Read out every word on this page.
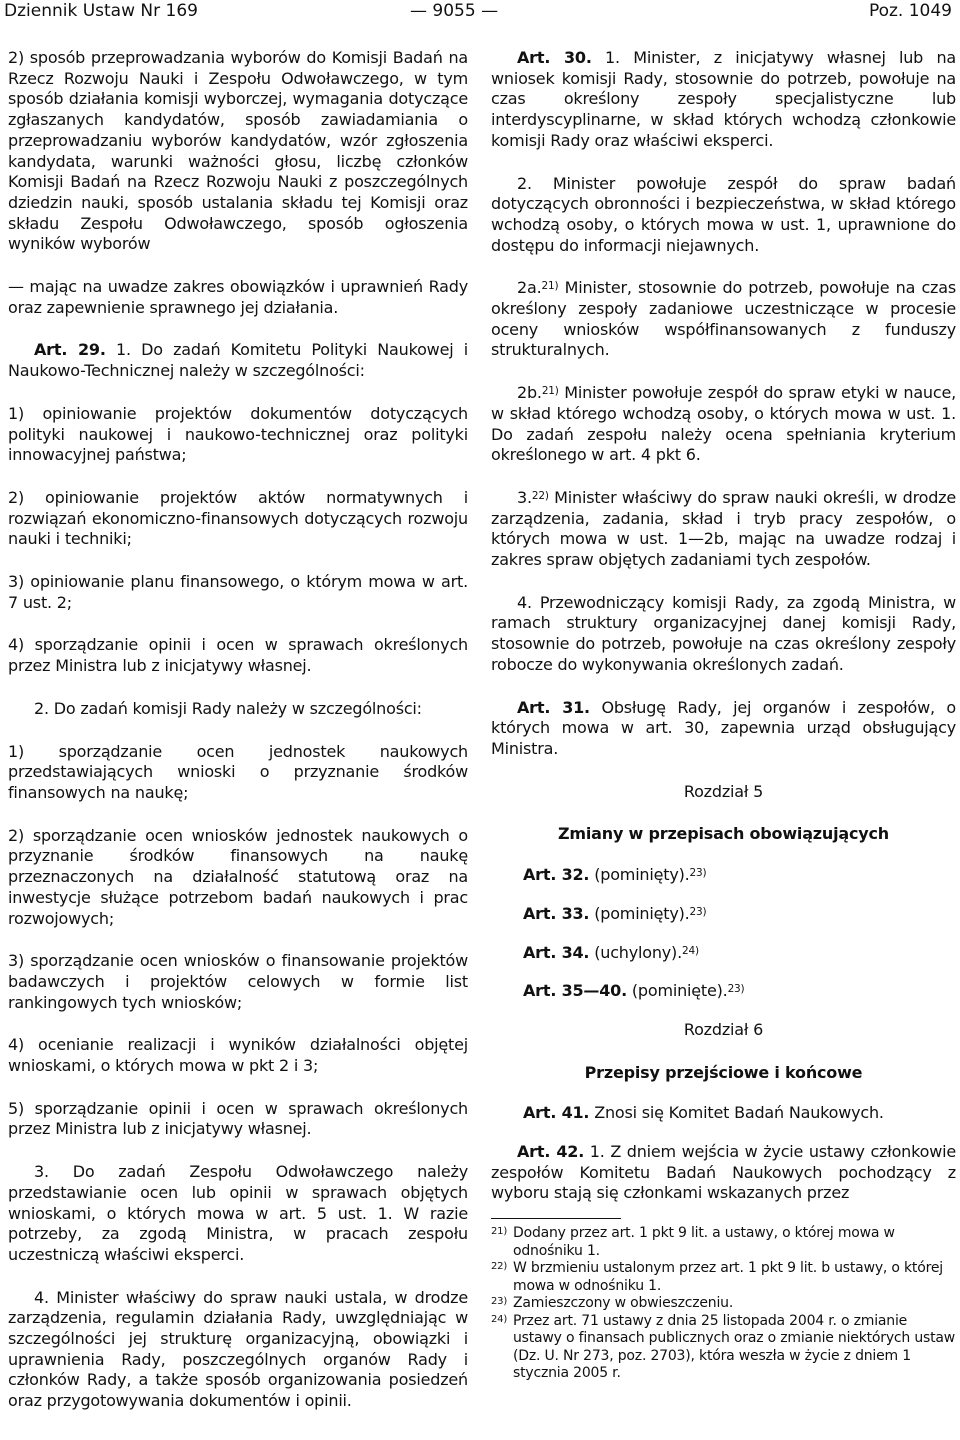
Dziennik Ustaw Nr 169	— 9055 —	Poz. 1049

2) sposób przeprowadzania wyborów do Komisji Badań na Rzecz Rozwoju Nauki i Zespołu Odwoławczego, w tym sposób działania komisji wyborczej, wymagania dotyczące zgłaszanych kandydatów, sposób zawiadamiania o przeprowadzaniu wyborów kandydatów, wzór zgłoszenia kandydata, warunki ważności głosu, liczbę członków Komisji Badań na Rzecz Rozwoju Nauki z poszczególnych dziedzin nauki, sposób ustalania składu tej Komisji oraz składu Zespołu Odwoławczego, sposób ogłoszenia wyników wyborów

— mając na uwadze zakres obowiązków i uprawnień Rady oraz zapewnienie sprawnego jej działania.

Art. 29. 1. Do zadań Komitetu Polityki Naukowej i Naukowo-Technicznej należy w szczególności:

1) opiniowanie projektów dokumentów dotyczących polityki naukowej i naukowo-technicznej oraz polityki innowacyjnej państwa;

2) opiniowanie projektów aktów normatywnych i rozwiązań ekonomiczno-finansowych dotyczących rozwoju nauki i techniki;

3) opiniowanie planu finansowego, o którym mowa w art. 7 ust. 2;

4) sporządzanie opinii i ocen w sprawach określonych przez Ministra lub z inicjatywy własnej.

2. Do zadań komisji Rady należy w szczególności:

1) sporządzanie ocen jednostek naukowych przedstawiających wnioski o przyznanie środków finansowych na naukę;

2) sporządzanie ocen wniosków jednostek naukowych o przyznanie środków finansowych na naukę przeznaczonych na działalność statutową oraz na inwestycje służące potrzebom badań naukowych i prac rozwojowych;

3) sporządzanie ocen wniosków o finansowanie projektów badawczych i projektów celowych w formie list rankingowych tych wniosków;

4) ocenianie realizacji i wyników działalności objętej wnioskami, o których mowa w pkt 2 i 3;

5) sporządzanie opinii i ocen w sprawach określonych przez Ministra lub z inicjatywy własnej.

3. Do zadań Zespołu Odwoławczego należy przedstawianie ocen lub opinii w sprawach objętych wnioskami, o których mowa w art. 5 ust. 1. W razie potrzeby, za zgodą Ministra, w pracach zespołu uczestniczą właściwi eksperci.

4. Minister właściwy do spraw nauki ustala, w drodze zarządzenia, regulamin działania Rady, uwzględniając w szczególności jej strukturę organizacyjną, obowiązki i uprawnienia Rady, poszczególnych organów Rady i członków Rady, a także sposób organizowania posiedzeń oraz przygotowywania dokumentów i opinii.

Art. 30. 1. Minister, z inicjatywy własnej lub na wniosek komisji Rady, stosownie do potrzeb, powołuje na czas określony zespoły specjalistyczne lub interdyscyplinarne, w skład których wchodzą członkowie komisji Rady oraz właściwi eksperci.

2. Minister powołuje zespół do spraw badań dotyczących obronności i bezpieczeństwa, w skład którego wchodzą osoby, o których mowa w ust. 1, uprawnione do dostępu do informacji niejawnych.

2a.$^{21)}$ Minister, stosownie do potrzeb, powołuje na czas określony zespoły zadaniowe uczestniczące w procesie oceny wniosków współfinansowanych z funduszy strukturalnych.

2b.$^{21)}$ Minister powołuje zespół do spraw etyki w nauce, w skład którego wchodzą osoby, o których mowa w ust. 1. Do zadań zespołu należy ocena spełniania kryterium określonego w art. 4 pkt 6.

3.$^{22)}$ Minister właściwy do spraw nauki określi, w drodze zarządzenia, zadania, skład i tryb pracy zespołów, o których mowa w ust. 1—2b, mając na uwadze rodzaj i zakres spraw objętych zadaniami tych zespołów.

4. Przewodniczący komisji Rady, za zgodą Ministra, w ramach struktury organizacyjnej danej komisji Rady, stosownie do potrzeb, powołuje na czas określony zespoły robocze do wykonywania określonych zadań.

Art. 31. Obsługę Rady, jej organów i zespołów, o których mowa w art. 30, zapewnia urząd obsługujący Ministra.

Rozdział 5

Zmiany w przepisach obowiązujących

Art. 32. (pominięty).$^{23)}$

Art. 33. (pominięty).$^{23)}$

Art. 34. (uchylony).$^{24)}$

Art. 35—40. (pominięte).$^{23)}$

Rozdział 6

Przepisy przejściowe i końcowe

Art. 41. Znosi się Komitet Badań Naukowych.

Art. 42. 1. Z dniem wejścia w życie ustawy członkowie zespołów Komitetu Badań Naukowych pochodzący z wyboru stają się członkami wskazanych przez

21) Dodany przez art. 1 pkt 9 lit. a ustawy, o której mowa w odnośniku 1.

22) W brzmieniu ustalonym przez art. 1 pkt 9 lit. b ustawy, o której mowa w odnośniku 1.

23) Zamieszczony w obwieszczeniu.

24) Przez art. 71 ustawy z dnia 25 listopada 2004 r. o zmianie ustawy o finansach publicznych oraz o zmianie niektórych ustaw (Dz. U. Nr 273, poz. 2703), która weszła w życie z dniem 1 stycznia 2005 r.
